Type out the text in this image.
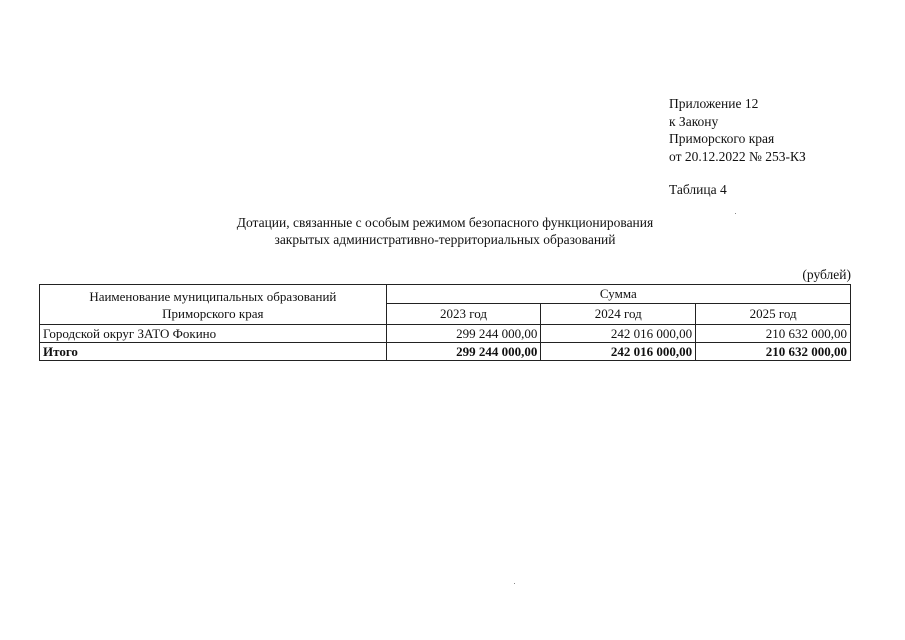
Приложение 12
к Закону
Приморского края
от 20.12.2022 № 253-КЗ
Таблица 4
Дотации, связанные с особым режимом безопасного функционирования
закрытых административно-территориальных образований
(рублей)
Наименование муниципальных образований
Приморского края	Сумма		
	2023 год	2024 год	2025 год
Городской округ ЗАТО Фокино	299 244 000,00	242 016 000,00	210 632 000,00
Итого	299 244 000,00	242 016 000,00	210 632 000,00
